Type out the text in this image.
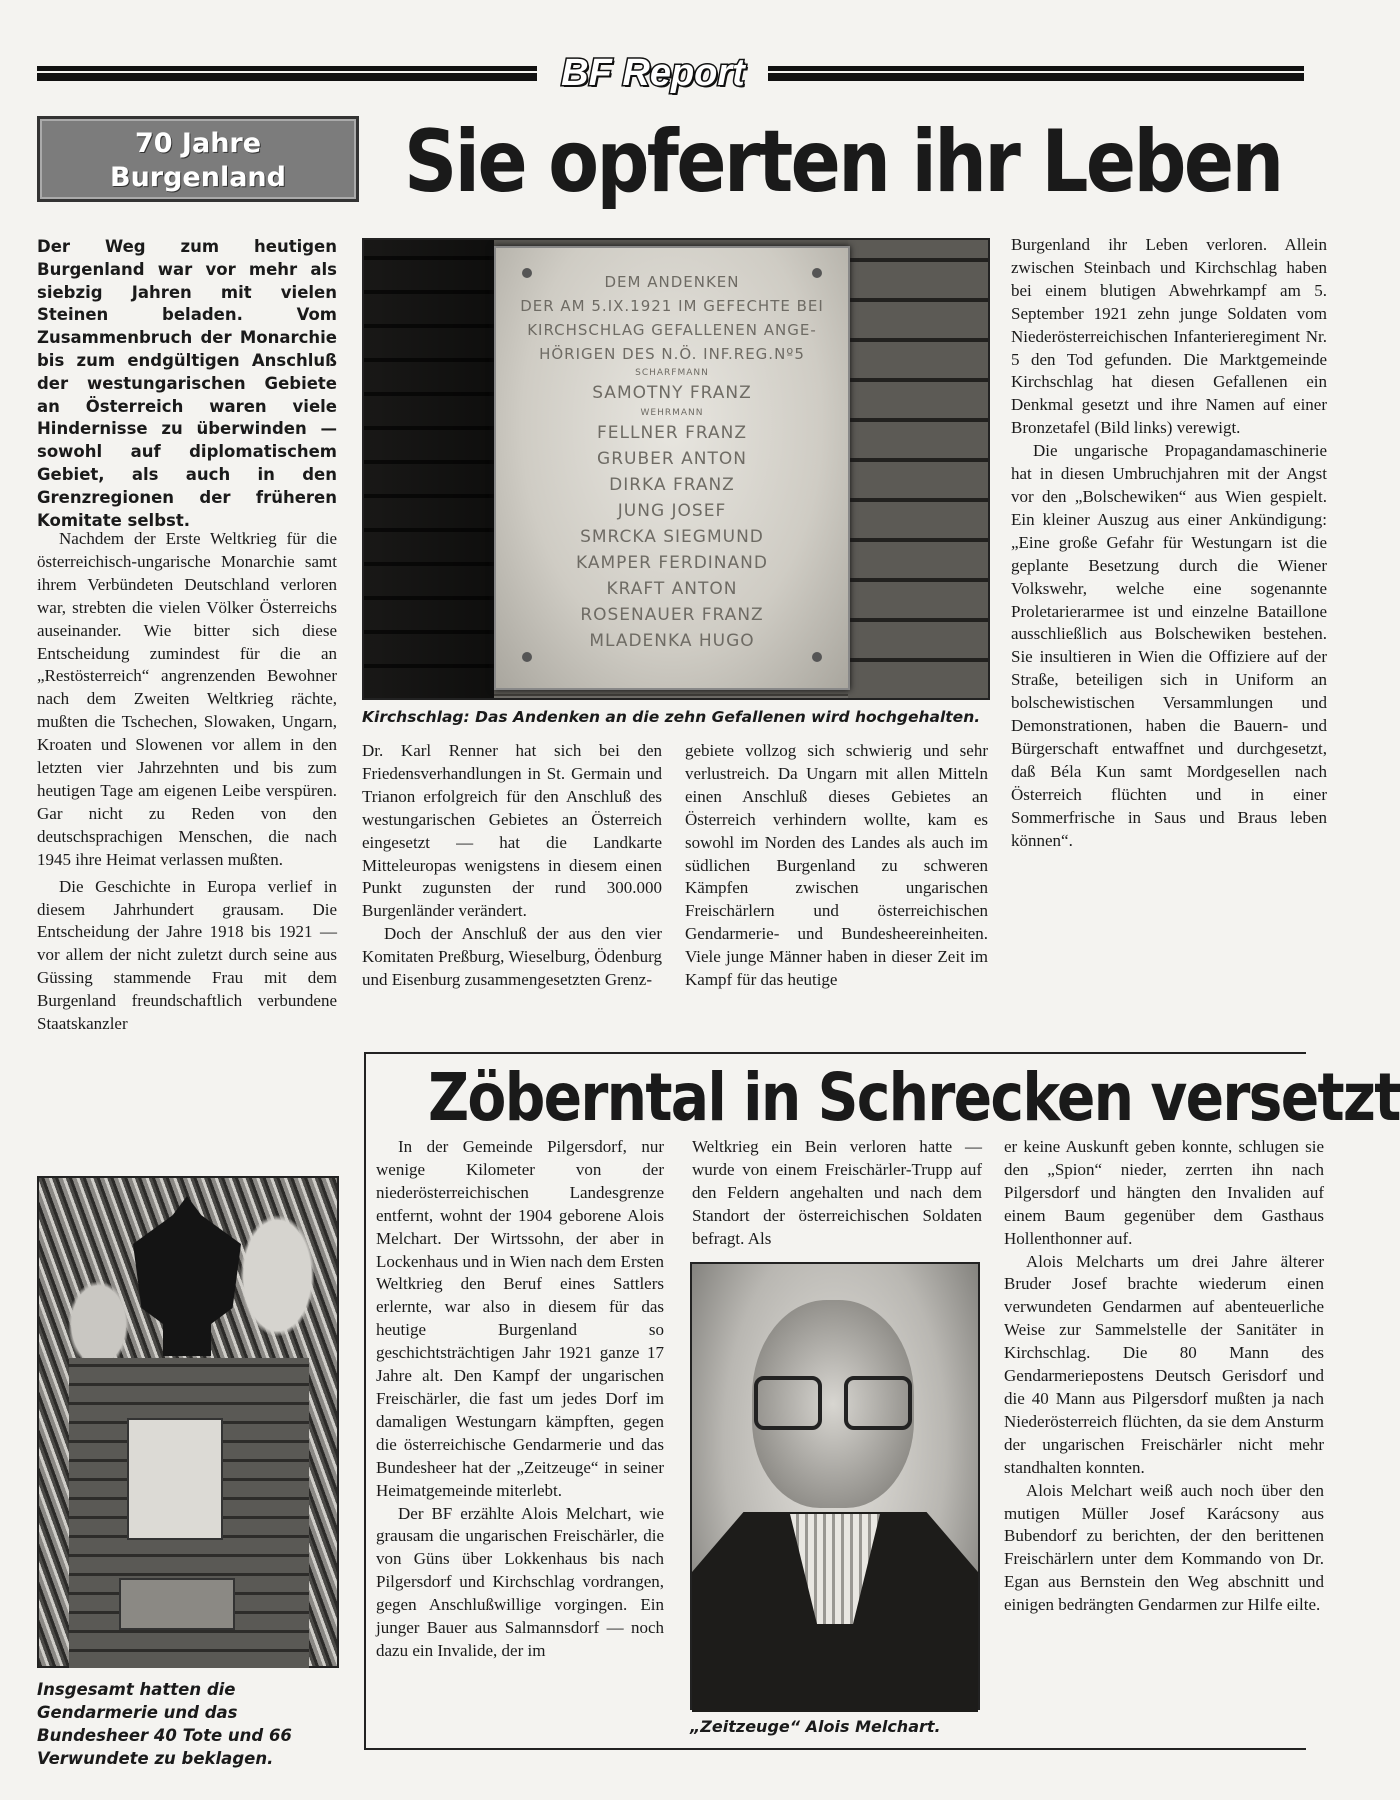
BF Report
70 Jahre
Burgenland	Sie opferten ihr Leben
Der Weg zum heutigen Burgenland war vor mehr als siebzig Jahren mit vielen Steinen beladen. Vom Zusammenbruch der Monarchie bis zum endgültigen Anschluß der westungarischen Gebiete an Österreich waren viele Hindernisse zu überwinden — sowohl auf diplomatischem Gebiet, als auch in den Grenzregionen der früheren Komitate selbst.

Nachdem der Erste Weltkrieg für die österreichisch-ungarische Monarchie samt ihrem Verbündeten Deutschland verloren war, strebten die vielen Völker Österreichs auseinander. Wie bitter sich diese Entscheidung zumindest für die an „Restösterreich“ angrenzenden Bewohner nach dem Zweiten Weltkrieg rächte, mußten die Tschechen, Slowaken, Ungarn, Kroaten und Slowenen vor allem in den letzten vier Jahrzehnten und bis zum heutigen Tage am eigenen Leibe verspüren. Gar nicht zu Reden von den deutschsprachigen Menschen, die nach 1945 ihre Heimat verlassen mußten.

Die Geschichte in Europa verlief in diesem Jahrhundert grausam. Die Entscheidung der Jahre 1918 bis 1921 — vor allem der nicht zuletzt durch seine aus Güssing stammende Frau mit dem Burgenland freundschaftlich verbundene Staatskanzler

DEM ANDENKEN
DER AM 5.IX.1921 IM GEFECHTE BEI
KIRCHSCHLAG GEFALLENEN ANGE-
HÖRIGEN DES N.Ö. INF.REG.Nº5
SCHARFMANN
SAMOTNY FRANZ
WEHRMANN
FELLNER FRANZ
GRUBER ANTON
DIRKA FRANZ
JUNG JOSEF
SMRCKA SIEGMUND
KAMPER FERDINAND
KRAFT ANTON
ROSENAUER FRANZ
MLADENKA HUGO
Kirchschlag: Das Andenken an die zehn Gefallenen wird hochgehalten.
Dr. Karl Renner hat sich bei den Friedensverhandlungen in St. Germain und Trianon erfolgreich für den Anschluß des westungarischen Gebietes an Österreich eingesetzt — hat die Landkarte Mitteleuropas wenigstens in diesem einen Punkt zugunsten der rund 300.000 Burgenländer verändert.

Doch der Anschluß der aus den vier Komitaten Preßburg, Wieselburg, Ödenburg und Eisenburg zusammengesetzten Grenz-

gebiete vollzog sich schwierig und sehr verlustreich. Da Ungarn mit allen Mitteln einen Anschluß dieses Gebietes an Österreich verhindern wollte, kam es sowohl im Norden des Landes als auch im südlichen Burgenland zu schweren Kämpfen zwischen ungarischen Freischärlern und österreichischen Gendarmerie- und Bundesheereinheiten. Viele junge Männer haben in dieser Zeit im Kampf für das heutige
Burgenland ihr Leben verloren. Allein zwischen Steinbach und Kirchschlag haben bei einem blutigen Abwehrkampf am 5. September 1921 zehn junge Soldaten vom Niederösterreichischen Infanterieregiment Nr. 5 den Tod gefunden. Die Marktgemeinde Kirchschlag hat diesen Gefallenen ein Denkmal gesetzt und ihre Namen auf einer Bronzetafel (Bild links) verewigt.

Die ungarische Propagandamaschinerie hat in diesen Umbruchjahren mit der Angst vor den „Bolschewiken“ aus Wien gespielt. Ein kleiner Auszug aus einer Ankündigung: „Eine große Gefahr für Westungarn ist die geplante Besetzung durch die Wiener Volkswehr, welche eine sogenannte Proletarierarmee ist und einzelne Bataillone ausschließlich aus Bolschewiken bestehen. Sie insultieren in Wien die Offiziere auf der Straße, beteiligen sich in Uniform an bolschewistischen Versammlungen und Demonstrationen, haben die Bauern- und Bürgerschaft entwaffnet und durchgesetzt, daß Béla Kun samt Mordgesellen nach Österreich flüchten und in einer Sommerfrische in Saus und Braus leben können“.

Insgesamt hatten die Gendarmerie und das Bundesheer 40 Tote und 66 Verwundete zu beklagen.
Zöberntal in Schrecken versetzt

In der Gemeinde Pilgersdorf, nur wenige Kilometer von der niederösterreichischen Landesgrenze entfernt, wohnt der 1904 geborene Alois Melchart. Der Wirtssohn, der aber in Lockenhaus und in Wien nach dem Ersten Weltkrieg den Beruf eines Sattlers erlernte, war also in diesem für das heutige Burgenland so geschichtsträchtigen Jahr 1921 ganze 17 Jahre alt. Den Kampf der ungarischen Freischärler, die fast um jedes Dorf im damaligen Westungarn kämpften, gegen die österreichische Gendarmerie und das Bundesheer hat der „Zeitzeuge“ in seiner Heimatgemeinde miterlebt.

Der BF erzählte Alois Melchart, wie grausam die ungarischen Freischärler, die von Güns über Lokkenhaus bis nach Pilgersdorf und Kirchschlag vordrangen, gegen Anschlußwillige vorgingen. Ein junger Bauer aus Salmannsdorf — noch dazu ein Invalide, der im

Weltkrieg ein Bein verloren hatte — wurde von einem Freischärler-Trupp auf den Feldern angehalten und nach dem Standort der österreichischen Soldaten befragt. Als
„Zeitzeuge“ Alois Melchart.
er keine Auskunft geben konnte, schlugen sie den „Spion“ nieder, zerrten ihn nach Pilgersdorf und hängten den Invaliden auf einem Baum gegenüber dem Gasthaus Hollenthonner auf.

Alois Melcharts um drei Jahre älterer Bruder Josef brachte wiederum einen verwundeten Gendarmen auf abenteuerliche Weise zur Sammelstelle der Sanitäter in Kirchschlag. Die 80 Mann des Gendarmeriepostens Deutsch Gerisdorf und die 40 Mann aus Pilgersdorf mußten ja nach Niederösterreich flüchten, da sie dem Ansturm der ungarischen Freischärler nicht mehr standhalten konnten.

Alois Melchart weiß auch noch über den mutigen Müller Josef Karácsony aus Bubendorf zu berichten, der den berittenen Freischärlern unter dem Kommando von Dr. Egan aus Bernstein den Weg abschnitt und einigen bedrängten Gendarmen zur Hilfe eilte.
